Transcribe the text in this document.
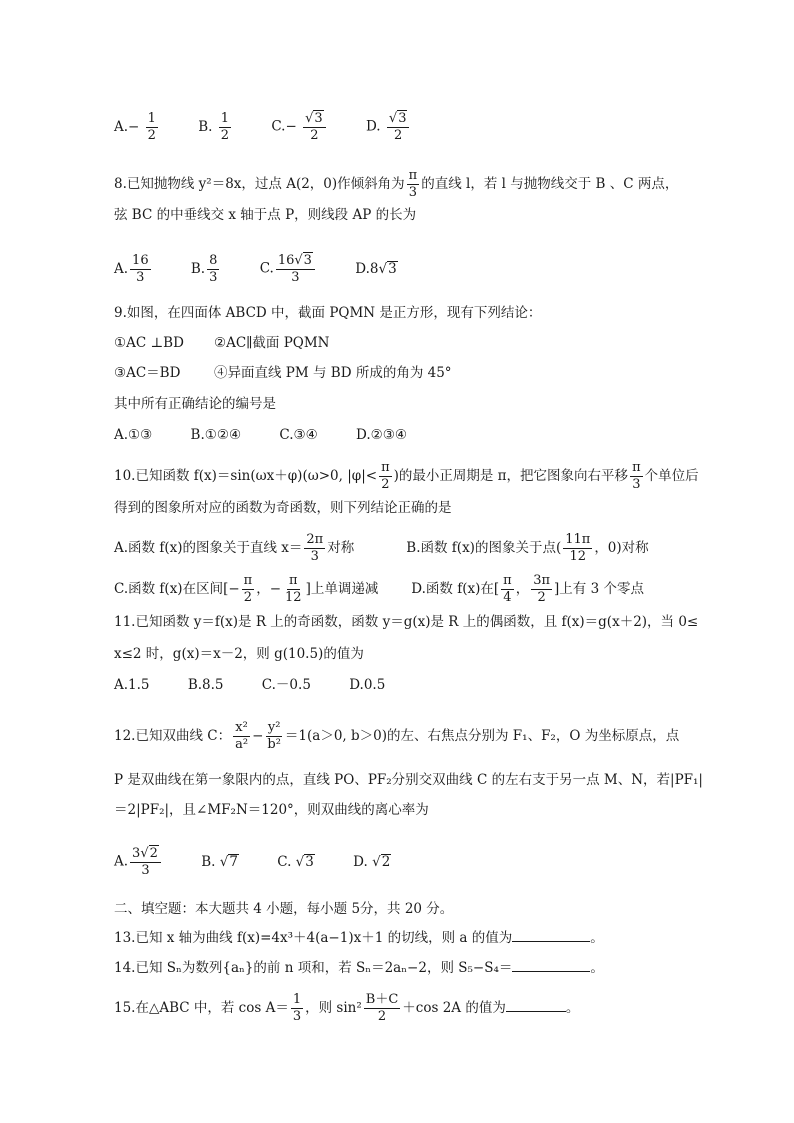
$A.- \frac{1}{2}$	B. $\frac{1}{2}$	$C.- \frac{√3}{2}$	D. $\frac{√3}{2}$
8.已知抛物线 y²＝8x，过点 A(2，0)作倾斜角为 $\frac{\pi}{3}$ 的直线 l，若 l 与抛物线交于 B 、C 两点，
弦 BC 的中垂线交 x 轴于点 P，则线段 AP 的长为
A. $\frac{16}{3}$	B. $\frac{8}{3}$	C. $\frac{16√3}{3}$	D.8√3
9.如图，在四面体 ABCD 中，截面 PQMN 是正方形，现有下列结论：
①AC ⊥BD ②AC∥截面 PQMN
③AC＝BD ④异面直线 PM 与 BD 所成的角为 45°
其中所有正确结论的编号是
A.①③	B.①②④	C.③④	D.②③④
10.已知函数 f(x)＝sin(ωx＋φ)(ω>0, $|\varphi|< \frac{\pi}{2}$ )的最小正周期是 π，把它图象向右平移 $\frac{\pi}{3}$ 个单位后
得到的图象所对应的函数为奇函数，则下列结论正确的是
A.函数 f(x)的图象关于直线 $x= \frac{2\pi}{3}$ 对称	B.函数 f(x)的图象关于点( $\frac{11\pi}{12}$ ，0)对称
C.函数 f(x)在区间[− $\frac{\pi}{2}$ ，− $\frac{\pi}{12}$ ]上单调递减 D.函数 f(x)在[ $\frac{\pi}{4}$ ， $\frac{3\pi}{2}$ ]上有 3 个零点
11.已知函数 y＝f(x)是 R 上的奇函数，函数 y＝g(x)是 R 上的偶函数，且 f(x)＝g(x＋2)，当 0≤
x≤2 时，g(x)＝x－2，则 g(10.5)的值为
A.1.5	B.8.5	C.－0.5	D.0.5
12.已知双曲线 C： $\frac{\text{x²}}{\text{a²}} - \frac{\text{y²}}{\text{b²}} =1(a>0$, b＞0)的左、右焦点分别为 F₁、F₂，O 为坐标原点，点
P 是双曲线在第一象限内的点，直线 PO、PF₂分别交双曲线 C 的左右支于另一点 M、N，若|PF₁|
＝2|PF₂|，且∠MF₂N＝120°，则双曲线的离心率为
A. $\frac{3√2}{3}$	B. √7	C. √3	D. √2
二、填空题：本大题共 4 小题，每小题 5分，共 20 分。
13.已知 x 轴为曲线 f(x)=4x³＋4(a−1)x＋1 的切线，则 a 的值为	。
14.已知 Sₙ为数列{aₙ}的前 n 项和，若 Sₙ＝2aₙ−2，则 S₅−S₄＝	。
15.在△ABC 中，若 $\cos A= \frac{1}{3}$ ，则 $\sin^2 \frac{B+C}{2} +\cos$ 2A 的值为	。
